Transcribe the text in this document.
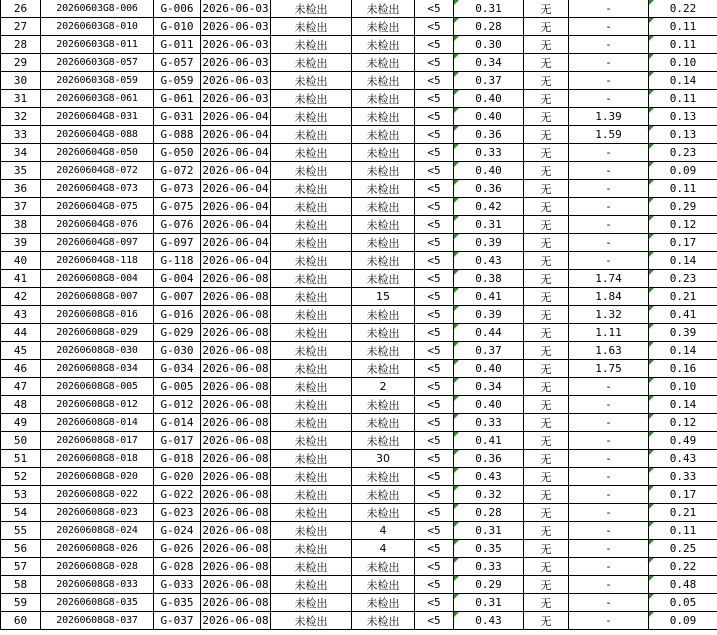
26	20260603G8-006	G-006	2026-06-03	未检出	未检出	<5	0.31	无	-	0.22
27	20260603G8-010	G-010	2026-06-03	未检出	未检出	<5	0.28	无	-	0.11
28	20260603G8-011	G-011	2026-06-03	未检出	未检出	<5	0.30	无	-	0.11
29	20260603G8-057	G-057	2026-06-03	未检出	未检出	<5	0.34	无	-	0.10
30	20260603G8-059	G-059	2026-06-03	未检出	未检出	<5	0.37	无	-	0.14
31	20260603G8-061	G-061	2026-06-03	未检出	未检出	<5	0.40	无	-	0.11
32	20260604G8-031	G-031	2026-06-04	未检出	未检出	<5	0.40	无	1.39	0.13
33	20260604G8-088	G-088	2026-06-04	未检出	未检出	<5	0.36	无	1.59	0.13
34	20260604G8-050	G-050	2026-06-04	未检出	未检出	<5	0.33	无	-	0.23
35	20260604G8-072	G-072	2026-06-04	未检出	未检出	<5	0.40	无	-	0.09
36	20260604G8-073	G-073	2026-06-04	未检出	未检出	<5	0.36	无	-	0.11
37	20260604G8-075	G-075	2026-06-04	未检出	未检出	<5	0.42	无	-	0.29
38	20260604G8-076	G-076	2026-06-04	未检出	未检出	<5	0.31	无	-	0.12
39	20260604G8-097	G-097	2026-06-04	未检出	未检出	<5	0.39	无	-	0.17
40	20260604G8-118	G-118	2026-06-04	未检出	未检出	<5	0.43	无	-	0.14
41	20260608G8-004	G-004	2026-06-08	未检出	未检出	<5	0.38	无	1.74	0.23
42	20260608G8-007	G-007	2026-06-08	未检出	15	<5	0.41	无	1.84	0.21
43	20260608G8-016	G-016	2026-06-08	未检出	未检出	<5	0.39	无	1.32	0.41
44	20260608G8-029	G-029	2026-06-08	未检出	未检出	<5	0.44	无	1.11	0.39
45	20260608G8-030	G-030	2026-06-08	未检出	未检出	<5	0.37	无	1.63	0.14
46	20260608G8-034	G-034	2026-06-08	未检出	未检出	<5	0.40	无	1.75	0.16
47	20260608G8-005	G-005	2026-06-08	未检出	2	<5	0.34	无	-	0.10
48	20260608G8-012	G-012	2026-06-08	未检出	未检出	<5	0.40	无	-	0.14
49	20260608G8-014	G-014	2026-06-08	未检出	未检出	<5	0.33	无	-	0.12
50	20260608G8-017	G-017	2026-06-08	未检出	未检出	<5	0.41	无	-	0.49
51	20260608G8-018	G-018	2026-06-08	未检出	30	<5	0.36	无	-	0.43
52	20260608G8-020	G-020	2026-06-08	未检出	未检出	<5	0.43	无	-	0.33
53	20260608G8-022	G-022	2026-06-08	未检出	未检出	<5	0.32	无	-	0.17
54	20260608G8-023	G-023	2026-06-08	未检出	未检出	<5	0.28	无	-	0.21
55	20260608G8-024	G-024	2026-06-08	未检出	4	<5	0.31	无	-	0.11
56	20260608G8-026	G-026	2026-06-08	未检出	4	<5	0.35	无	-	0.25
57	20260608G8-028	G-028	2026-06-08	未检出	未检出	<5	0.33	无	-	0.22
58	20260608G8-033	G-033	2026-06-08	未检出	未检出	<5	0.29	无	-	0.48
59	20260608G8-035	G-035	2026-06-08	未检出	未检出	<5	0.31	无	-	0.05
60	20260608G8-037	G-037	2026-06-08	未检出	未检出	<5	0.43	无	-	0.09
